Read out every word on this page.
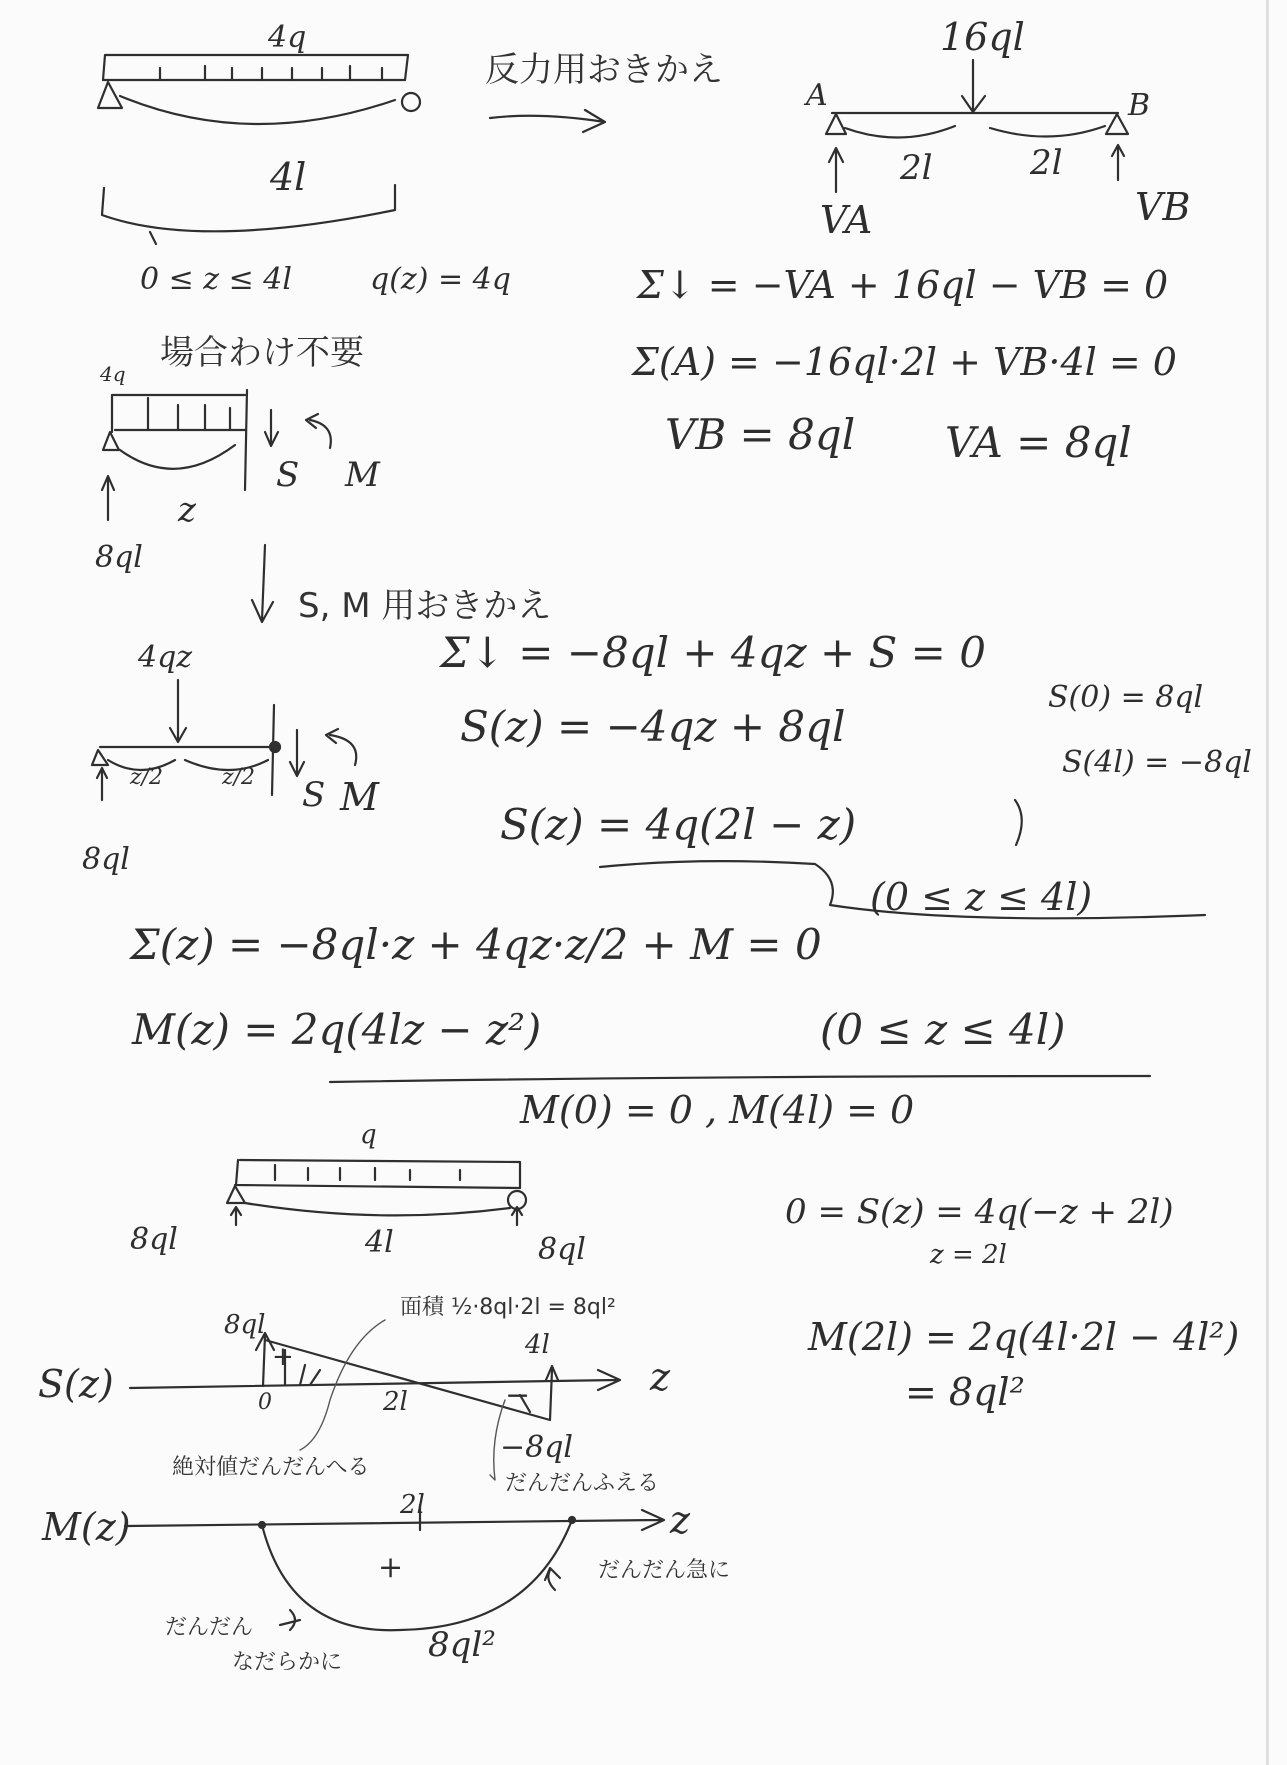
4q
4l
反力用おきかえ
16ql
A	B
2l	2l
VA	VB
Σ↓ = −VA + 16ql − VB = 0
Σ(A) = −16ql·2l + VB·4l = 0
VB = 8ql VA = 8ql
0 ≤ z ≤ 4l	q(z) = 4q
場合わけ不要
4q
S M
z
8ql
S, M 用おきかえ
4qz
z/2	z/2 S M
8ql
Σ↓ = −8ql + 4qz + S = 0
S(z) = −4qz + 8ql
S(0) = 8ql
S(4l) = −8ql
S(z) = 4q(2l − z)
(0 ≤ z ≤ 4l)
Σ(z) = −8ql·z + 4qz·z/2 + M = 0
M(z) = 2q(4lz − z²)	(0 ≤ z ≤ 4l)
M(0) = 0 , M(4l) = 0
q
8ql	4l	8ql
0 = S(z) = 4q(−z + 2l)
z = 2l
M(2l) = 2q(4l·2l − 4l²)
= 8ql²
S(z)	z
8ql
+
0	2l
4l
−
−8ql
面積 ½·8ql·2l = 8ql²
絶対値だんだんへる
だんだんふえる
M(z)	z
2l
+
8ql²
だんだん急に
だんだん
なだらかに
